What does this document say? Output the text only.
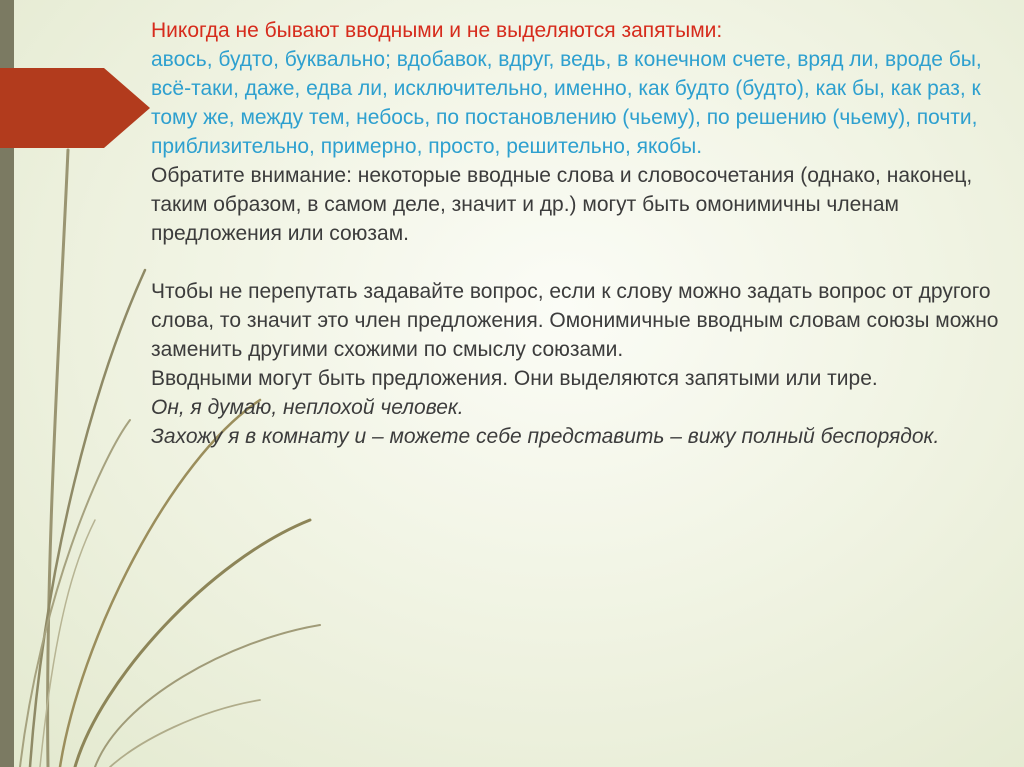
Никогда не бывают вводными и не выделяются запятыми:

авось, будто, буквально; вдобавок, вдруг, ведь, в конечном счете, вряд ли, вроде бы, всё-таки, даже, едва ли, исключительно, именно, как будто (будто), как бы, как раз, к тому же, между тем, небось, по постановлению (чьему), по решению (чьему), почти, приблизительно, примерно, просто, решительно, якобы.

Обратите внимание: некоторые вводные слова и словосочетания (однако, наконец, таким образом, в самом деле, значит и др.) могут быть омонимичны членам предложения или союзам.

Чтобы не перепутать задавайте вопрос, если к слову можно задать вопрос от другого слова, то значит это член предложения. Омонимичные вводным словам союзы можно заменить другими схожими по смыслу союзами.

Вводными могут быть предложения. Они выделяются запятыми или тире.

Он, я думаю, неплохой человек.

Захожу я в комнату и – можете себе представить – вижу полный беспорядок.
